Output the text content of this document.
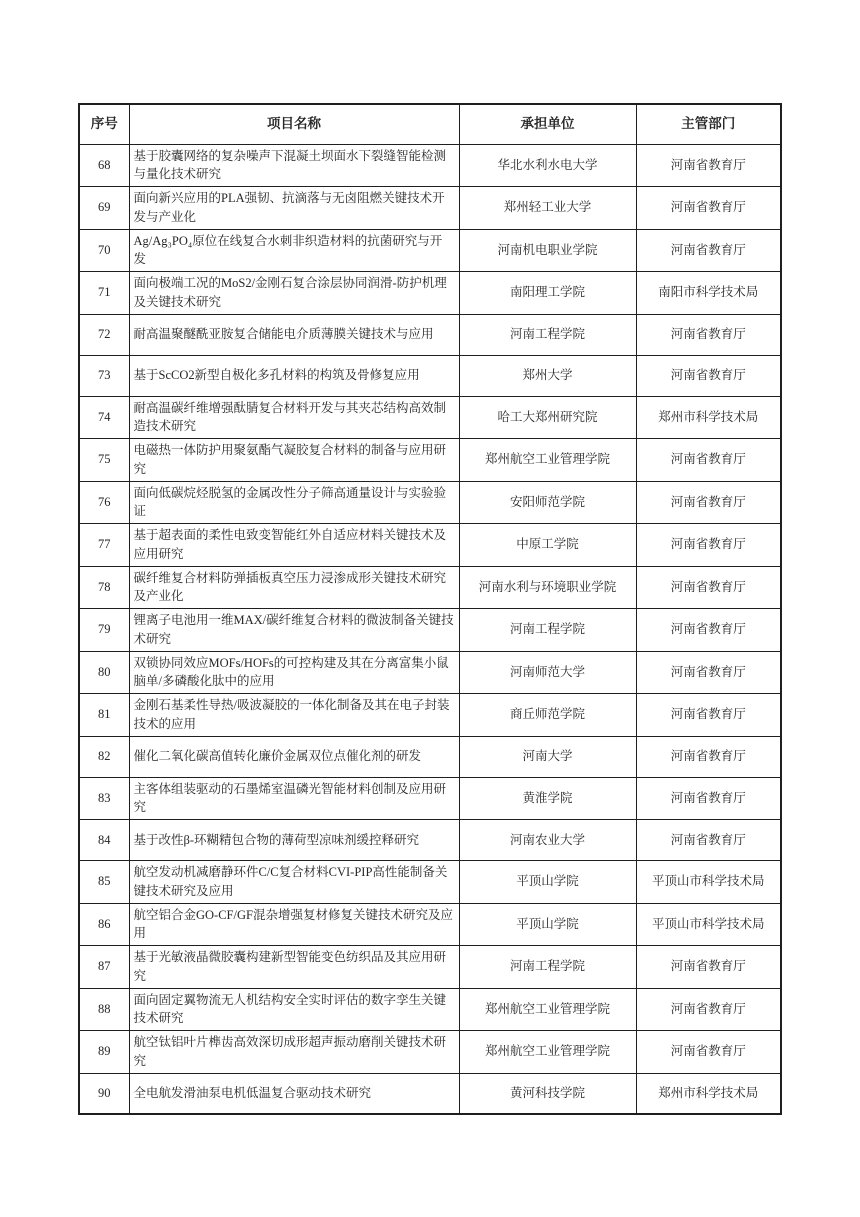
序号	项目名称	承担单位	主管部门
68	基于胶囊网络的复杂噪声下混凝土坝面水下裂缝智能检测与量化技术研究	华北水利水电大学	河南省教育厅
69	面向新兴应用的PLA强韧、抗滴落与无卤阻燃关键技术开发与产业化	郑州轻工业大学	河南省教育厅
70	Ag/Ag₃PO₄原位在线复合水刺非织造材料的抗菌研究与开发	河南机电职业学院	河南省教育厅
71	面向极端工况的MoS2/金刚石复合涂层协同润滑-防护机理及关键技术研究	南阳理工学院	南阳市科学技术局
72	耐高温聚醚酰亚胺复合储能电介质薄膜关键技术与应用	河南工程学院	河南省教育厅
73	基于ScCO2新型自极化多孔材料的构筑及骨修复应用	郑州大学	河南省教育厅
74	耐高温碳纤维增强酞腈复合材料开发与其夹芯结构高效制造技术研究	哈工大郑州研究院	郑州市科学技术局
75	电磁热一体防护用聚氨酯气凝胶复合材料的制备与应用研究	郑州航空工业管理学院	河南省教育厅
76	面向低碳烷烃脱氢的金属改性分子筛高通量设计与实验验证	安阳师范学院	河南省教育厅
77	基于超表面的柔性电致变智能红外自适应材料关键技术及应用研究	中原工学院	河南省教育厅
78	碳纤维复合材料防弹插板真空压力浸渗成形关键技术研究及产业化	河南水利与环境职业学院	河南省教育厅
79	锂离子电池用一维MAX/碳纤维复合材料的微波制备关键技术研究	河南工程学院	河南省教育厅
80	双锁协同效应MOFs/HOFs的可控构建及其在分离富集小鼠脑单/多磷酸化肽中的应用	河南师范大学	河南省教育厅
81	金刚石基柔性导热/吸波凝胶的一体化制备及其在电子封装技术的应用	商丘师范学院	河南省教育厅
82	催化二氧化碳高值转化廉价金属双位点催化剂的研发	河南大学	河南省教育厅
83	主客体组装驱动的石墨烯室温磷光智能材料创制及应用研究	黄淮学院	河南省教育厅
84	基于改性β-环糊精包合物的薄荷型凉味剂缓控释研究	河南农业大学	河南省教育厅
85	航空发动机减磨静环件C/C复合材料CVI-PIP高性能制备关键技术研究及应用	平顶山学院	平顶山市科学技术局
86	航空铝合金GO-CF/GF混杂增强复材修复关键技术研究及应用	平顶山学院	平顶山市科学技术局
87	基于光敏液晶微胶囊构建新型智能变色纺织品及其应用研究	河南工程学院	河南省教育厅
88	面向固定翼物流无人机结构安全实时评估的数字孪生关键技术研究	郑州航空工业管理学院	河南省教育厅
89	航空钛铝叶片榫齿高效深切成形超声振动磨削关键技术研究	郑州航空工业管理学院	河南省教育厅
90	全电航发滑油泵电机低温复合驱动技术研究	黄河科技学院	郑州市科学技术局
